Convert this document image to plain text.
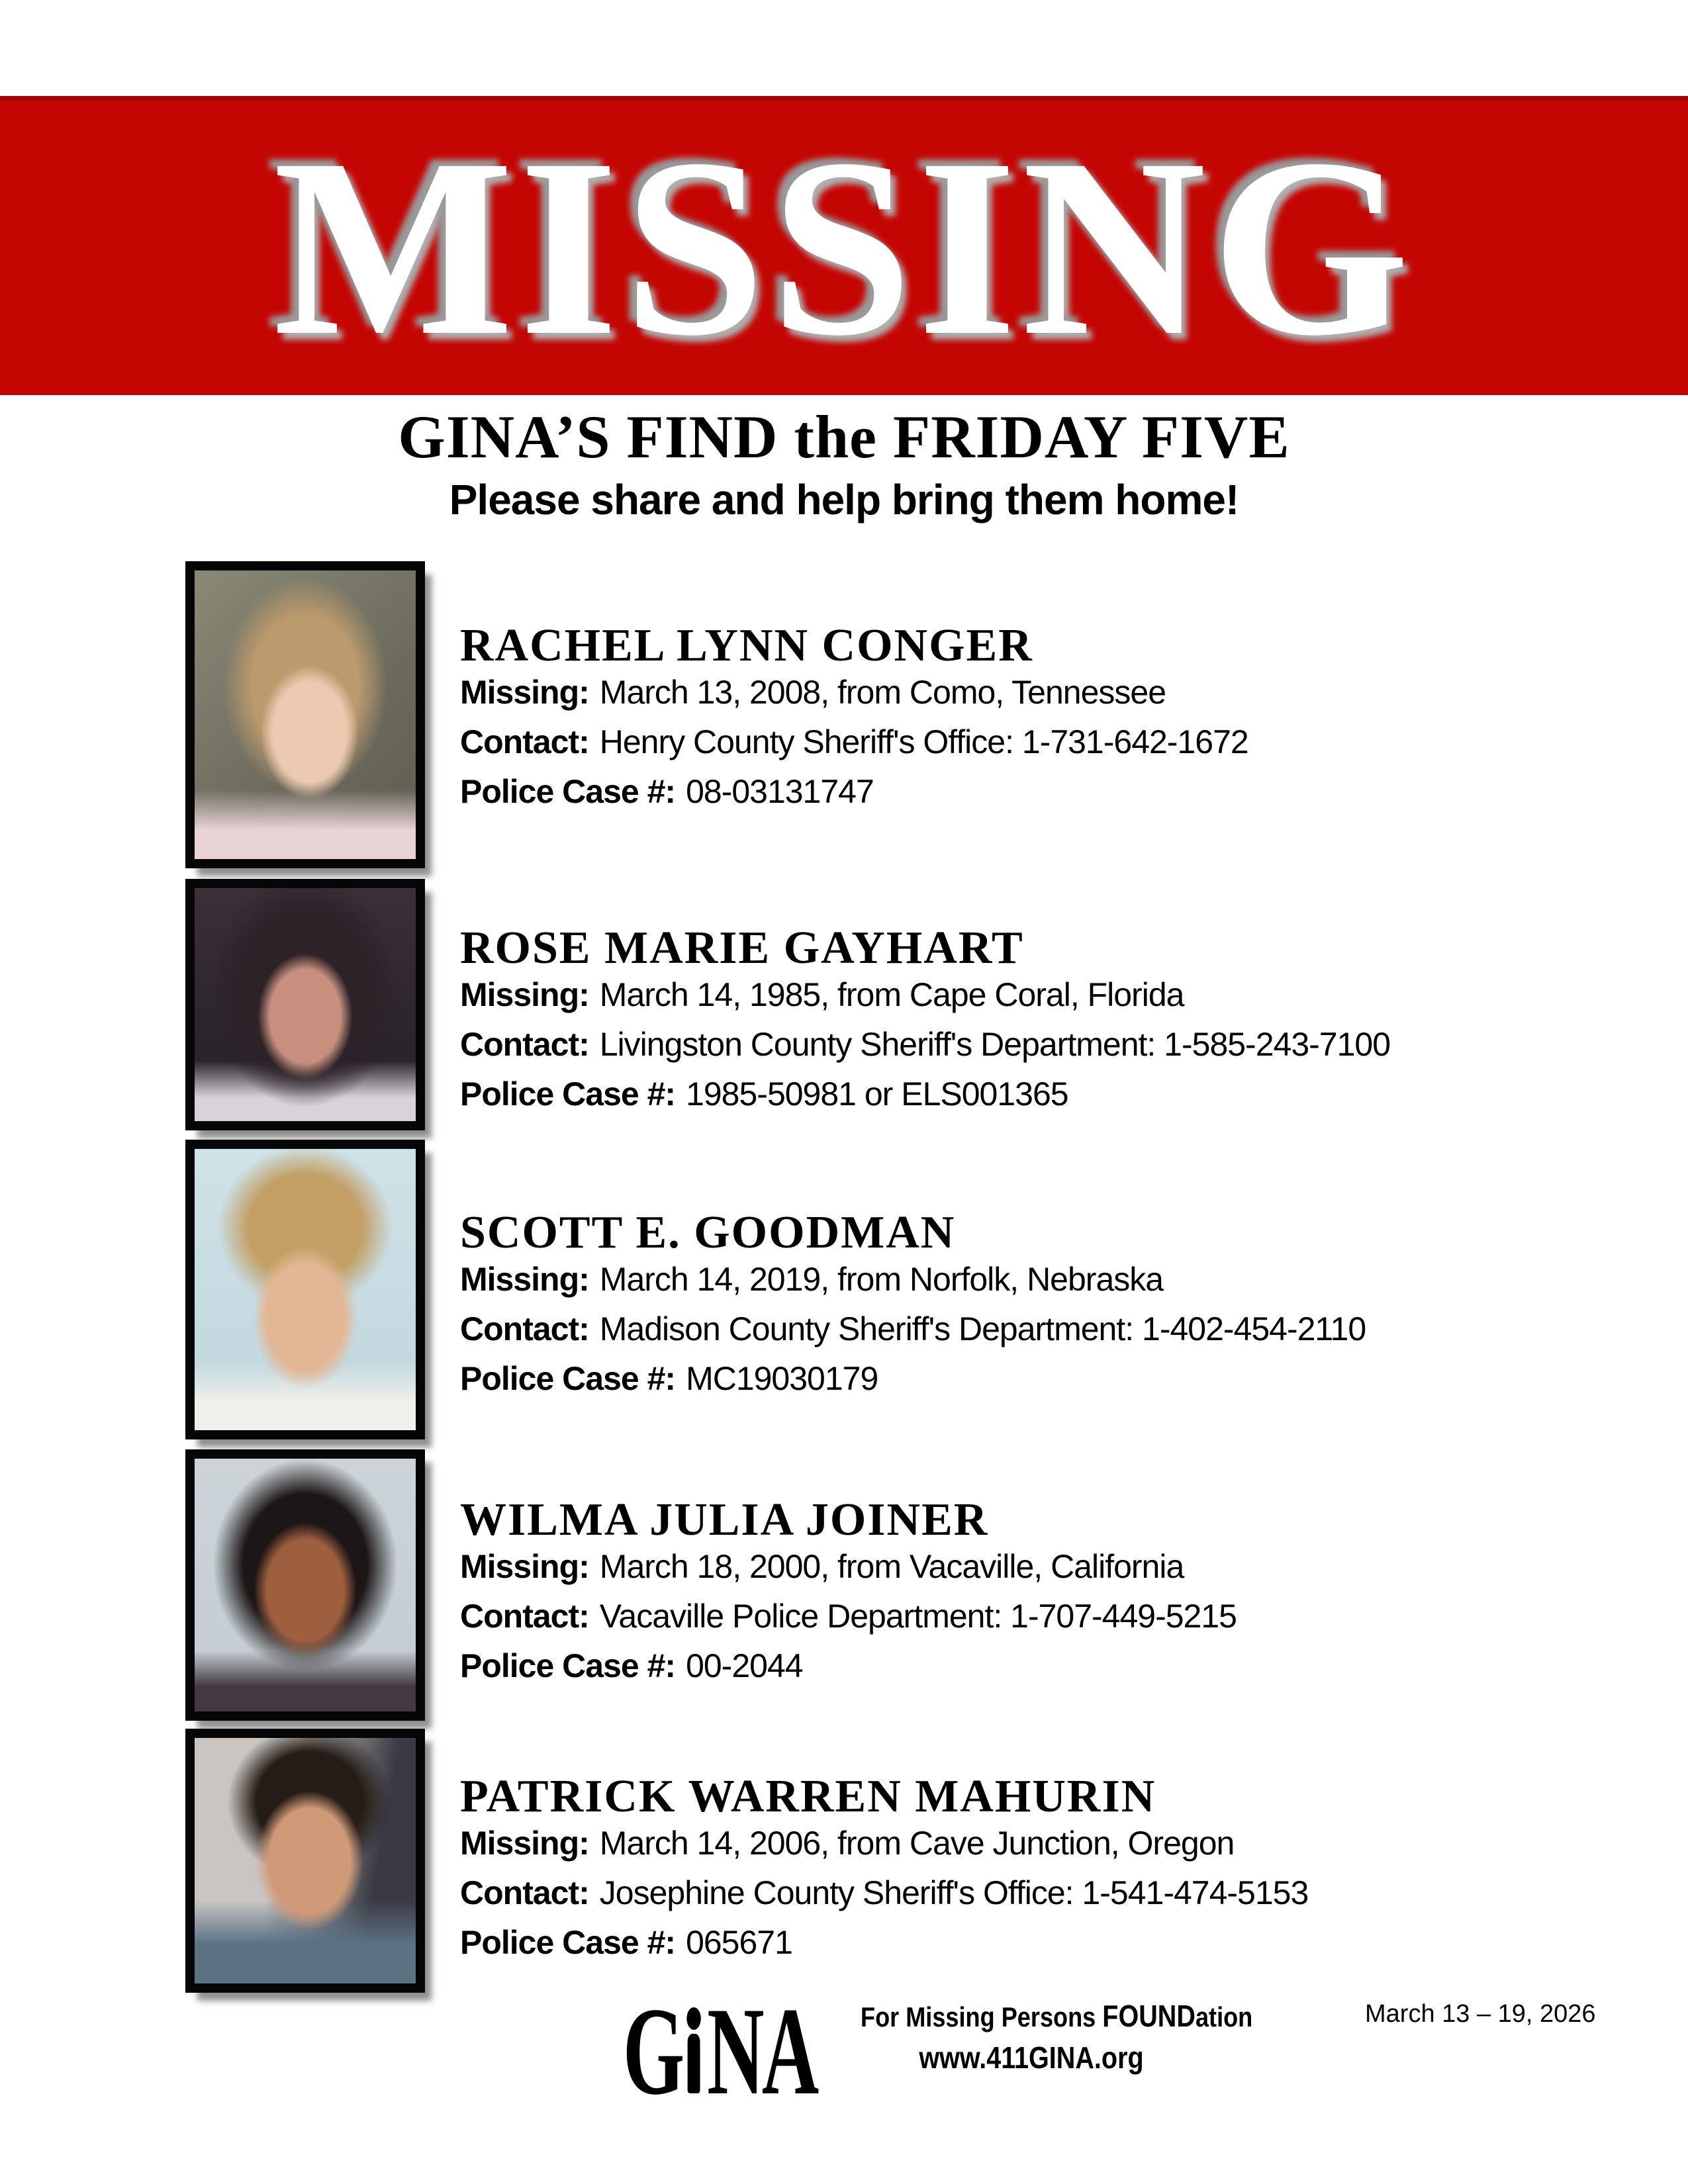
MISSING
GINA’S FIND the FRIDAY FIVE
Please share and help bring them home!
RACHEL LYNN CONGER
Missing: March 13, 2008, from Como, Tennessee
Contact: Henry County Sheriff's Office: 1-731-642-1672
Police Case #: 08-03131747
ROSE MARIE GAYHART
Missing: March 14, 1985, from Cape Coral, Florida
Contact: Livingston County Sheriff's Department: 1-585-243-7100
Police Case #: 1985-50981 or ELS001365
SCOTT E. GOODMAN
Missing: March 14, 2019, from Norfolk, Nebraska
Contact: Madison County Sheriff's Department: 1-402-454-2110
Police Case #: MC19030179
WILMA JULIA JOINER
Missing: March 18, 2000, from Vacaville, California
Contact: Vacaville Police Department: 1-707-449-5215
Police Case #: 00-2044
PATRICK WARREN MAHURIN
Missing: March 14, 2006, from Cave Junction, Oregon
Contact: Josephine County Sheriff's Office: 1-541-474-5153
Police Case #: 065671
G NA	For Missing Persons FOUNDation
www.411GINA.org
March 13 – 19, 2026
